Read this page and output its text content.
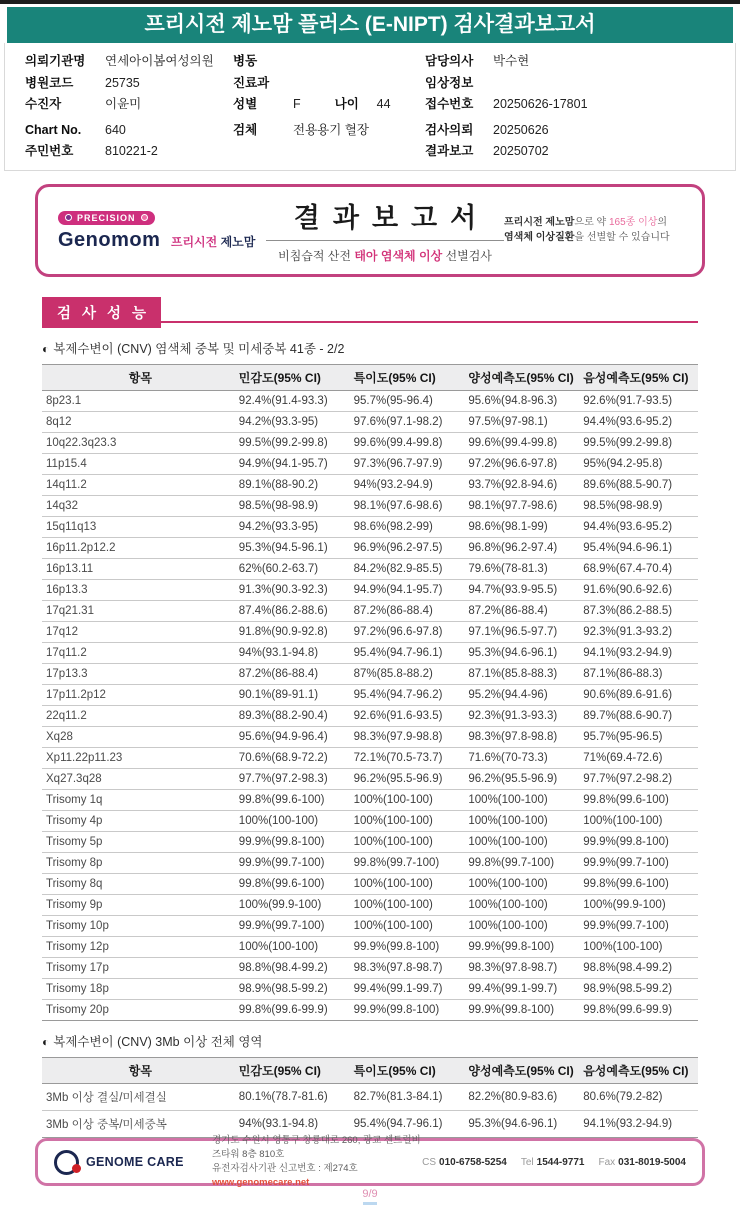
프리시전 제노맘 플러스 (E-NIPT) 검사결과보고서
의뢰기관명	연세아이봄여성의원
병원코드	25735
수진자	이윤미
Chart No.	640
주민번호	810221-2
병동
진료과
성별	F	나이	44
검체	전용용기 혈장
담당의사	박수현
임상정보
접수번호	20250626-17801
검사의뢰	20250626
결과보고	20250702
PRECISION
Genomom 프리시전 제노맘
결과보고서
비침습적 산전 태아 염색체 이상 선별검사
프리시전 제노맘으로 약 165종 이상의
염색체 이상질환을 선별할 수 있습니다
검사성능
◐ 복제수변이 (CNV) 염색체 중복 및 미세중복 41종 - 2/2
항목	민감도(95% CI)	특이도(95% CI)	양성예측도(95% CI)	음성예측도(95% CI)
8p23.1	92.4%(91.4-93.3)	95.7%(95-96.4)	95.6%(94.8-96.3)	92.6%(91.7-93.5)
8q12	94.2%(93.3-95)	97.6%(97.1-98.2)	97.5%(97-98.1)	94.4%(93.6-95.2)
10q22.3q23.3	99.5%(99.2-99.8)	99.6%(99.4-99.8)	99.6%(99.4-99.8)	99.5%(99.2-99.8)
11p15.4	94.9%(94.1-95.7)	97.3%(96.7-97.9)	97.2%(96.6-97.8)	95%(94.2-95.8)
14q11.2	89.1%(88-90.2)	94%(93.2-94.9)	93.7%(92.8-94.6)	89.6%(88.5-90.7)
14q32	98.5%(98-98.9)	98.1%(97.6-98.6)	98.1%(97.7-98.6)	98.5%(98-98.9)
15q11q13	94.2%(93.3-95)	98.6%(98.2-99)	98.6%(98.1-99)	94.4%(93.6-95.2)
16p11.2p12.2	95.3%(94.5-96.1)	96.9%(96.2-97.5)	96.8%(96.2-97.4)	95.4%(94.6-96.1)
16p13.11	62%(60.2-63.7)	84.2%(82.9-85.5)	79.6%(78-81.3)	68.9%(67.4-70.4)
16p13.3	91.3%(90.3-92.3)	94.9%(94.1-95.7)	94.7%(93.9-95.5)	91.6%(90.6-92.6)
17q21.31	87.4%(86.2-88.6)	87.2%(86-88.4)	87.2%(86-88.4)	87.3%(86.2-88.5)
17q12	91.8%(90.9-92.8)	97.2%(96.6-97.8)	97.1%(96.5-97.7)	92.3%(91.3-93.2)
17q11.2	94%(93.1-94.8)	95.4%(94.7-96.1)	95.3%(94.6-96.1)	94.1%(93.2-94.9)
17p13.3	87.2%(86-88.4)	87%(85.8-88.2)	87.1%(85.8-88.3)	87.1%(86-88.3)
17p11.2p12	90.1%(89-91.1)	95.4%(94.7-96.2)	95.2%(94.4-96)	90.6%(89.6-91.6)
22q11.2	89.3%(88.2-90.4)	92.6%(91.6-93.5)	92.3%(91.3-93.3)	89.7%(88.6-90.7)
Xq28	95.6%(94.9-96.4)	98.3%(97.9-98.8)	98.3%(97.8-98.8)	95.7%(95-96.5)
Xp11.22p11.23	70.6%(68.9-72.2)	72.1%(70.5-73.7)	71.6%(70-73.3)	71%(69.4-72.6)
Xq27.3q28	97.7%(97.2-98.3)	96.2%(95.5-96.9)	96.2%(95.5-96.9)	97.7%(97.2-98.2)
Trisomy 1q	99.8%(99.6-100)	100%(100-100)	100%(100-100)	99.8%(99.6-100)
Trisomy 4p	100%(100-100)	100%(100-100)	100%(100-100)	100%(100-100)
Trisomy 5p	99.9%(99.8-100)	100%(100-100)	100%(100-100)	99.9%(99.8-100)
Trisomy 8p	99.9%(99.7-100)	99.8%(99.7-100)	99.8%(99.7-100)	99.9%(99.7-100)
Trisomy 8q	99.8%(99.6-100)	100%(100-100)	100%(100-100)	99.8%(99.6-100)
Trisomy 9p	100%(99.9-100)	100%(100-100)	100%(100-100)	100%(99.9-100)
Trisomy 10p	99.9%(99.7-100)	100%(100-100)	100%(100-100)	99.9%(99.7-100)
Trisomy 12p	100%(100-100)	99.9%(99.8-100)	99.9%(99.8-100)	100%(100-100)
Trisomy 17p	98.8%(98.4-99.2)	98.3%(97.8-98.7)	98.3%(97.8-98.7)	98.8%(98.4-99.2)
Trisomy 18p	98.9%(98.5-99.2)	99.4%(99.1-99.7)	99.4%(99.1-99.7)	98.9%(98.5-99.2)
Trisomy 20p	99.8%(99.6-99.9)	99.9%(99.8-100)	99.9%(99.8-100)	99.8%(99.6-99.9)
◐ 복제수변이 (CNV) 3Mb 이상 전체 영역
항목	민감도(95% CI)	특이도(95% CI)	양성예측도(95% CI)	음성예측도(95% CI)
3Mb 이상 결실/미세결실	80.1%(78.7-81.6)	82.7%(81.3-84.1)	82.2%(80.9-83.6)	80.6%(79.2-82)
3Mb 이상 중복/미세중복	94%(93.1-94.8)	95.4%(94.7-96.1)	95.3%(94.6-96.1)	94.1%(93.2-94.9)
GENOME CARE
경기도 수원시 영통구 창룡대로 260, 광교 센트럴비즈타워 8층 810호
유전자검사기관 신고번호 : 제274호
www.genomecare.net
CS 010-6758-5254 Tel 1544-9771 Fax 031-8019-5004
9/9
